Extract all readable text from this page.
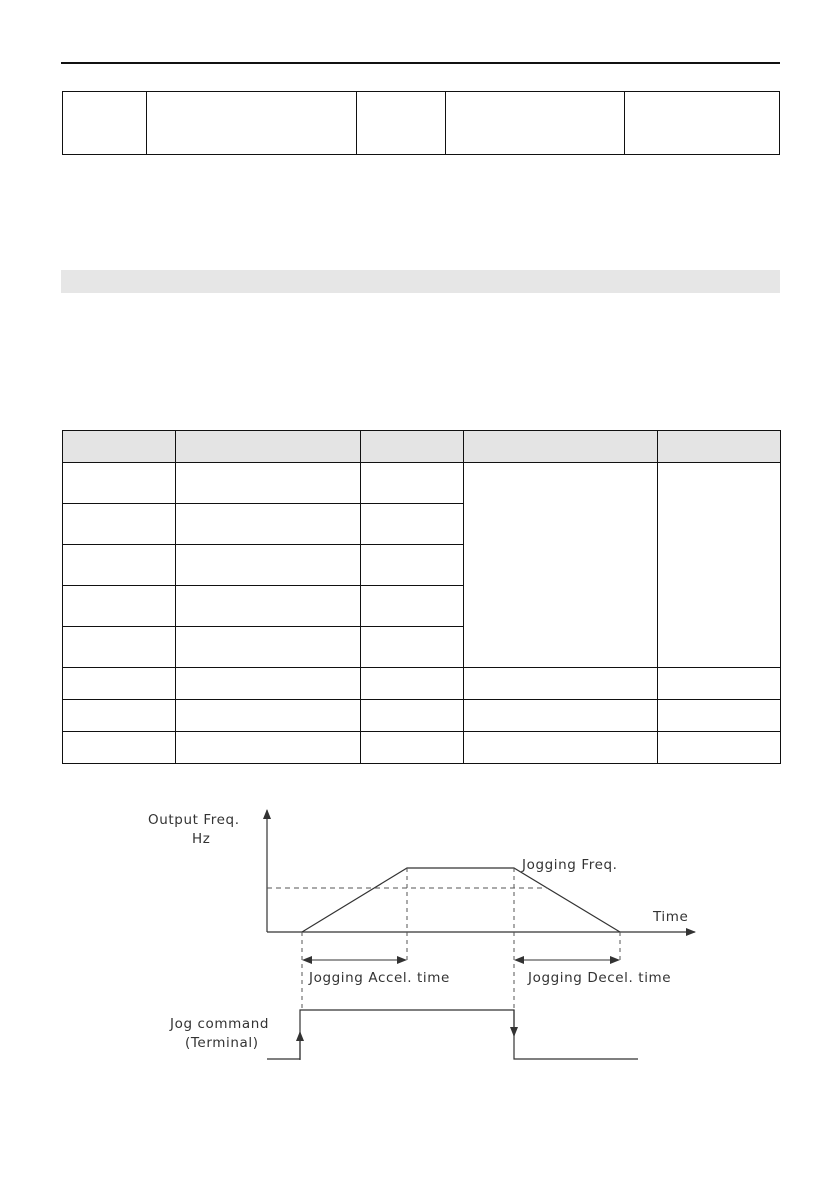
Output Freq.
Hz
Jogging Freq.
Time
Jogging Accel. time	Jogging Decel. time
Jog command
(Terminal)
